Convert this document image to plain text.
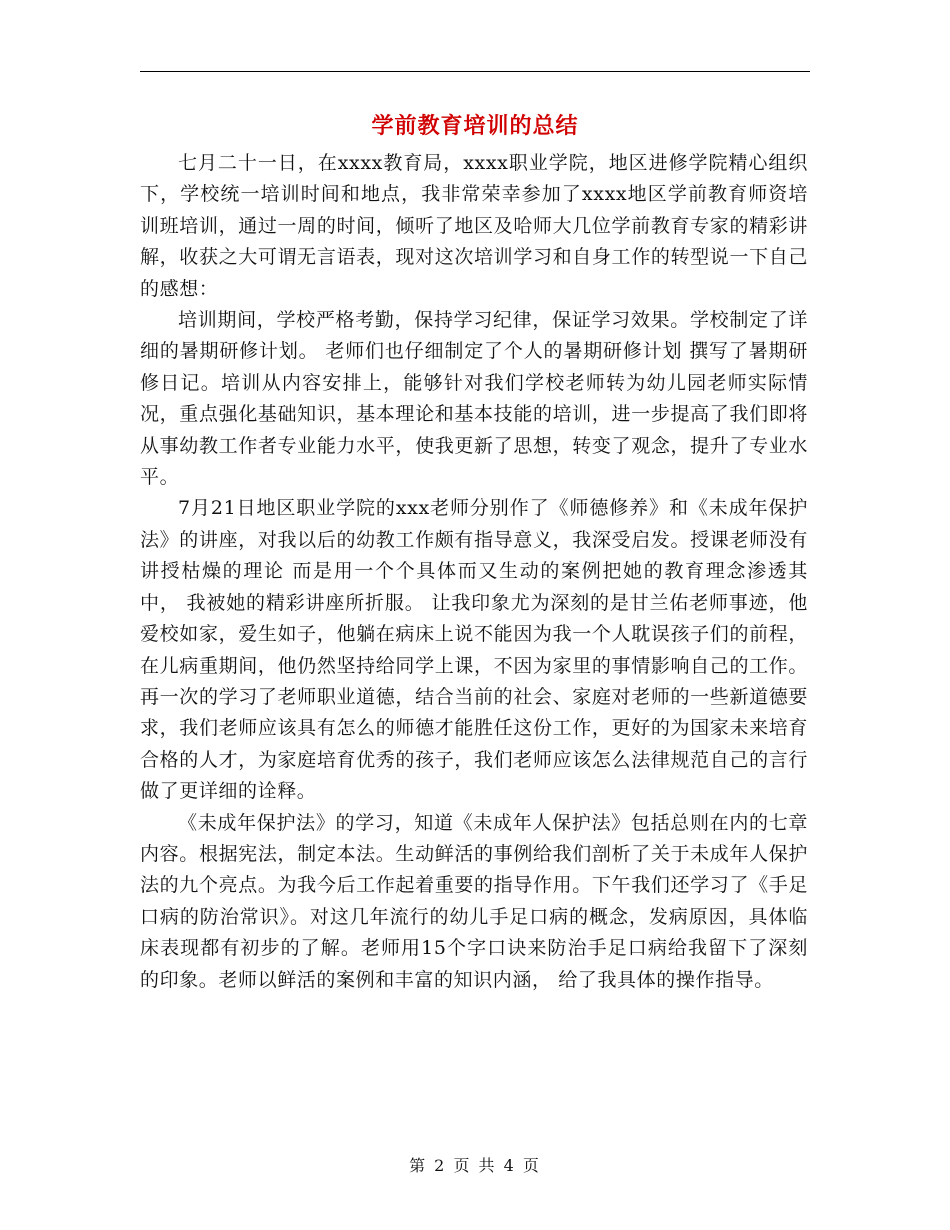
学前教育培训的总结

七月二十一日，在xxxx教育局，xxxx职业学院，地区进修学院精心组织下，学校统一培训时间和地点，我非常荣幸参加了xxxx地区学前教育师资培训班培训，通过一周的时间，倾听了地区及哈师大几位学前教育专家的精彩讲解，收获之大可谓无言语表，现对这次培训学习和自身工作的转型说一下自己的感想：

培训期间，学校严格考勤，保持学习纪律，保证学习效果。学校制定了详细的暑期研修计划。 老师们也仔细制定了个人的暑期研修计划 撰写了暑期研修日记。培训从内容安排上，能够针对我们学校老师转为幼儿园老师实际情况，重点强化基础知识，基本理论和基本技能的培训，进一步提高了我们即将从事幼教工作者专业能力水平，使我更新了思想，转变了观念，提升了专业水平。

7月21日地区职业学院的xxx老师分别作了《师德修养》和《未成年保护法》的讲座，对我以后的幼教工作颇有指导意义，我深受启发。授课老师没有讲授枯燥的理论 而是用一个个具体而又生动的案例把她的教育理念渗透其中， 我被她的精彩讲座所折服。 让我印象尤为深刻的是甘兰佑老师事迹，他爱校如家，爱生如子，他躺在病床上说不能因为我一个人耽误孩子们的前程，在儿病重期间，他仍然坚持给同学上课，不因为家里的事情影响自己的工作。再一次的学习了老师职业道德，结合当前的社会、家庭对老师的一些新道德要求，我们老师应该具有怎么的师德才能胜任这份工作，更好的为国家未来培育合格的人才，为家庭培育优秀的孩子，我们老师应该怎么法律规范自己的言行做了更详细的诠释。

《未成年保护法》的学习，知道《未成年人保护法》包括总则在内的七章内容。根据宪法，制定本法。生动鲜活的事例给我们剖析了关于未成年人保护法的九个亮点。为我今后工作起着重要的指导作用。下午我们还学习了《手足口病的防治常识》。对这几年流行的幼儿手足口病的概念，发病原因，具体临床表现都有初步的了解。老师用15个字口诀来防治手足口病给我留下了深刻的印象。老师以鲜活的案例和丰富的知识内涵， 给了我具体的操作指导。

第 2 页 共 4 页
